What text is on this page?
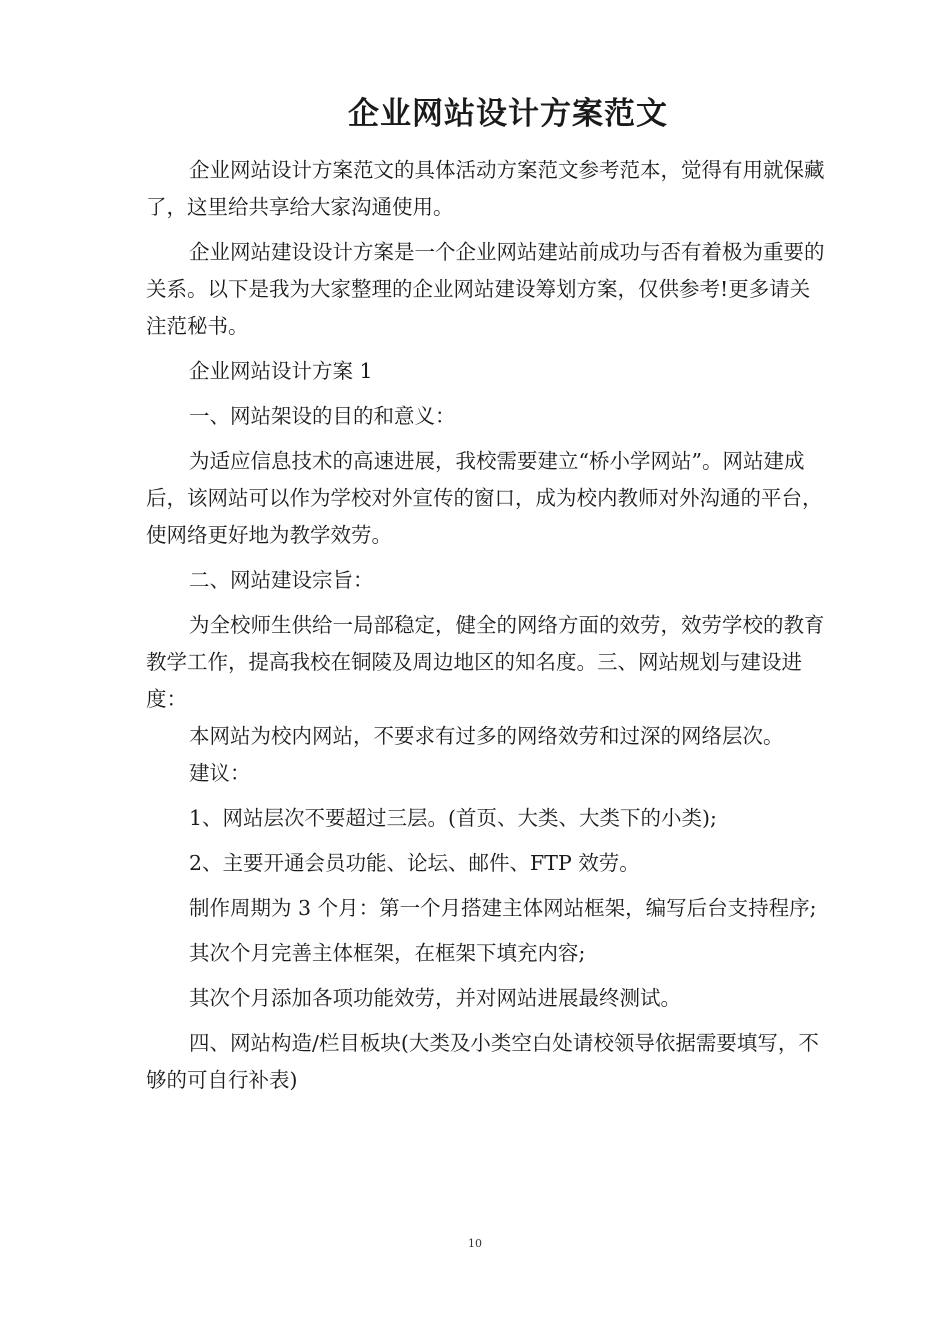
企业网站设计方案范文

企业网站设计方案范文的具体活动方案范文参考范本，觉得有用就保藏了，这里给共享给大家沟通使用。

企业网站建设设计方案是一个企业网站建站前成功与否有着极为重要的关系。以下是我为大家整理的企业网站建设筹划方案，仅供参考!更多请关注范秘书。

企业网站设计方案 1

一、网站架设的目的和意义：

为适应信息技术的高速进展，我校需要建立“桥小学网站”。网站建成后，该网站可以作为学校对外宣传的窗口，成为校内教师对外沟通的平台，使网络更好地为教学效劳。

二、网站建设宗旨：

为全校师生供给一局部稳定，健全的网络方面的效劳，效劳学校的教育教学工作，提高我校在铜陵及周边地区的知名度。三、网站规划与建设进度：

本网站为校内网站，不要求有过多的网络效劳和过深的网络层次。

建议：

1、网站层次不要超过三层。(首页、大类、大类下的小类);

2、主要开通会员功能、论坛、邮件、FTP 效劳。

制作周期为 3 个月：第一个月搭建主体网站框架，编写后台支持程序;

其次个月完善主体框架，在框架下填充内容;

其次个月添加各项功能效劳，并对网站进展最终测试。

四、网站构造/栏目板块(大类及小类空白处请校领导依据需要填写，不够的可自行补表)

10
